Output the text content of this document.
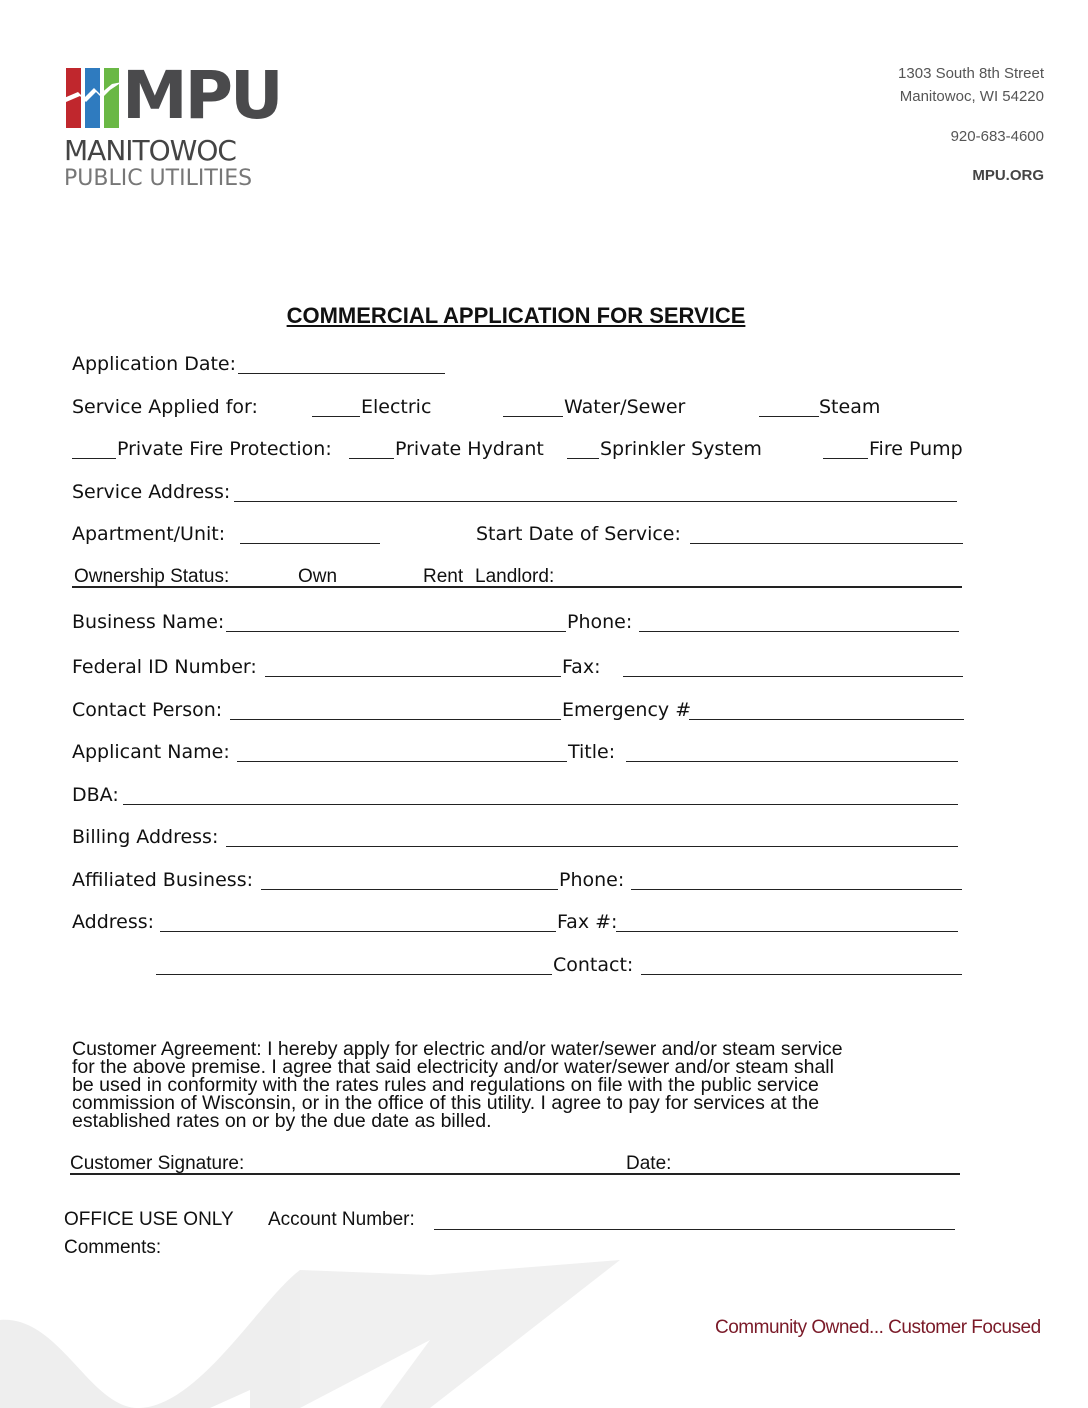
MPU
MANITOWOC
PUBLIC UTILITIES
1303 South 8th Street
Manitowoc, WI 54220
920-683-4600
MPU.ORG
COMMERCIAL APPLICATION FOR SERVICE
Application Date:
Service Applied for:	Electric	Water/Sewer	Steam
Private Fire Protection:	Private Hydrant	Sprinkler System	Fire Pump
Service Address:
Apartment/Unit:	Start Date of Service:
Ownership Status:	Own	Rent Landlord:
Business Name:	Phone:
Federal ID Number:	Fax:
Contact Person:	Emergency #
Applicant Name:	Title:
DBA:
Billing Address:
Affiliated Business:	Phone:
Address:	Fax #:
Contact:
Customer Agreement: I hereby apply for electric and/or water/sewer and/or steam service
for the above premise. I agree that said electricity and/or water/sewer and/or steam shall
be used in conformity with the rates rules and regulations on file with the public service
commission of Wisconsin, or in the office of this utility. I agree to pay for services at the
established rates on or by the due date as billed.
Customer Signature:	Date:
OFFICE USE ONLY Account Number:
Comments:
Community Owned... Customer Focused
